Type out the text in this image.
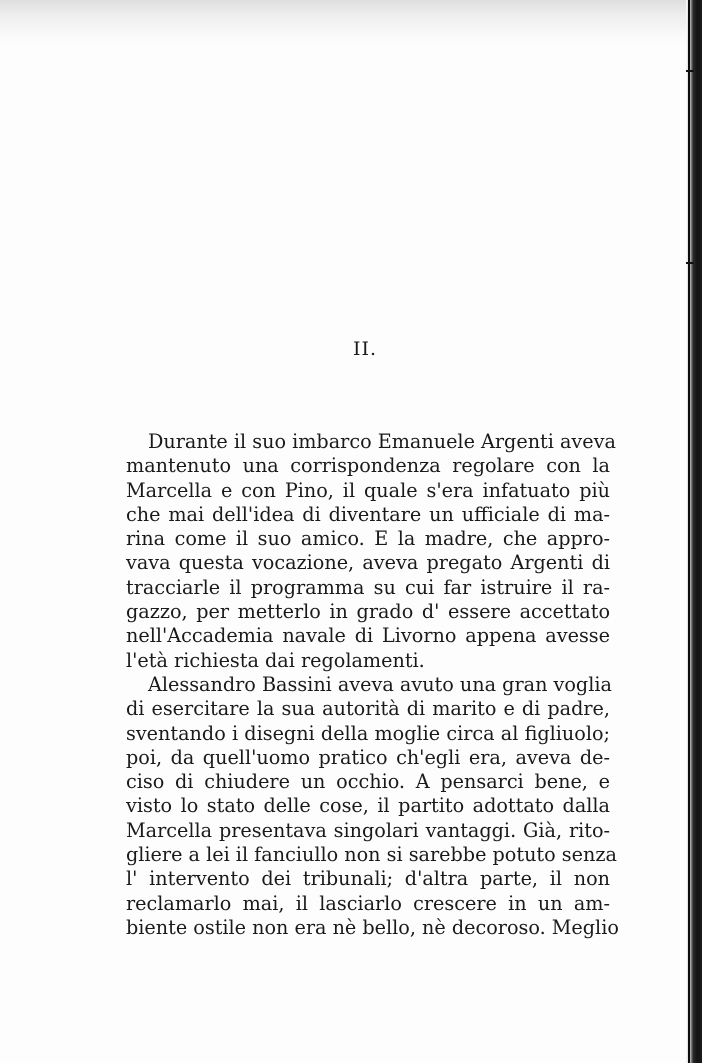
II.
Durante il suo imbarco Emanuele Argenti aveva
mantenuto una corrispondenza regolare con la
Marcella e con Pino, il quale s'era infatuato più
che mai dell'idea di diventare un ufficiale di ma-
rina come il suo amico. E la madre, che appro-
vava questa vocazione, aveva pregato Argenti di
tracciarle il programma su cui far istruire il ra-
gazzo, per metterlo in grado d' essere accettato
nell'Accademia navale di Livorno appena avesse
l'età richiesta dai regolamenti.
Alessandro Bassini aveva avuto una gran voglia
di esercitare la sua autorità di marito e di padre,
sventando i disegni della moglie circa al figliuolo;
poi, da quell'uomo pratico ch'egli era, aveva de-
ciso di chiudere un occhio. A pensarci bene, e
visto lo stato delle cose, il partito adottato dalla
Marcella presentava singolari vantaggi. Già, rito-
gliere a lei il fanciullo non si sarebbe potuto senza
l' intervento dei tribunali; d'altra parte, il non
reclamarlo mai, il lasciarlo crescere in un am-
biente ostile non era nè bello, nè decoroso. Meglio
